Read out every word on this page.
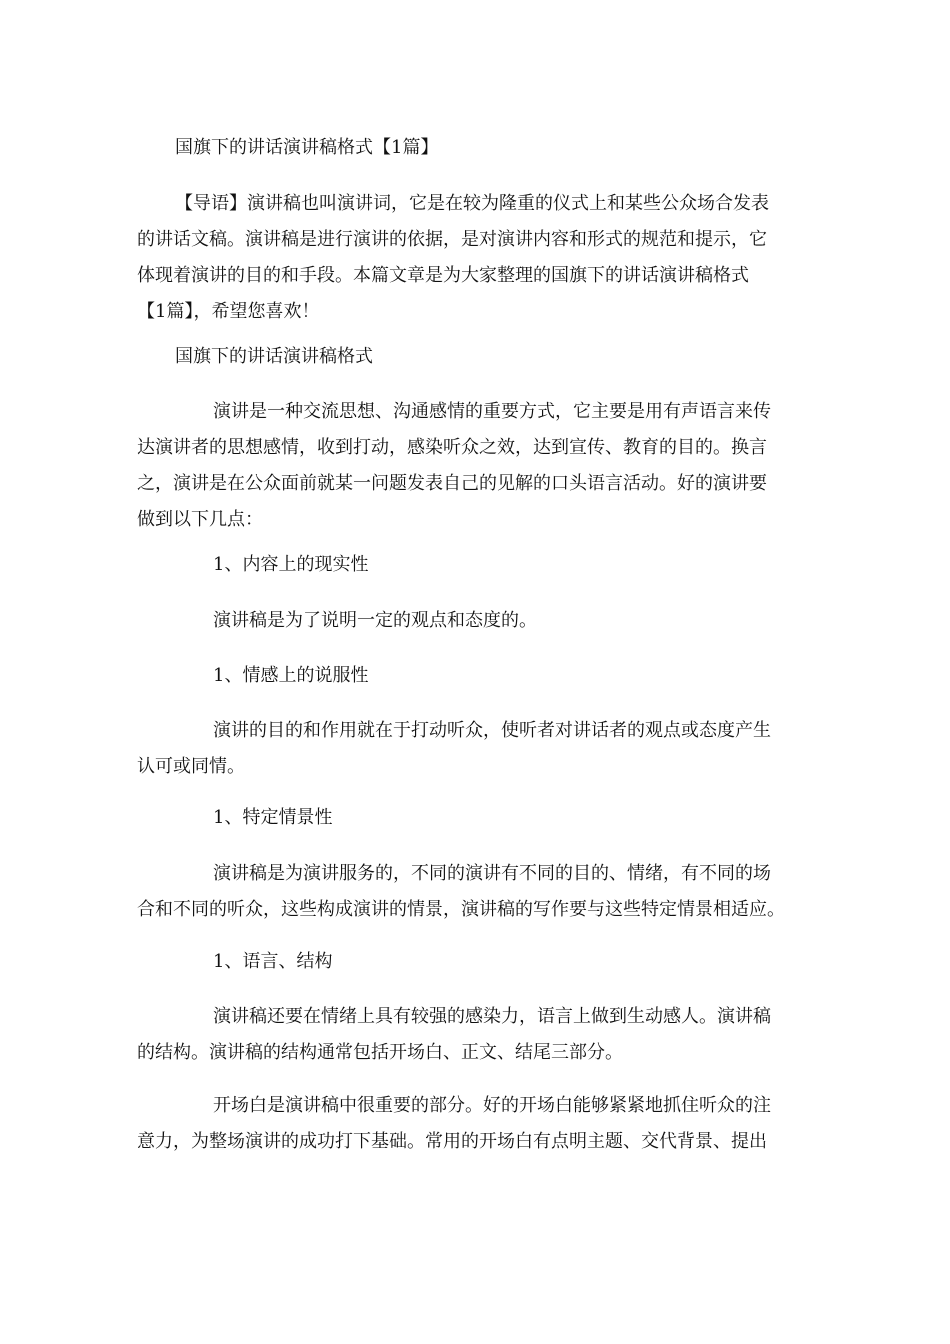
国旗下的讲话演讲稿格式【1篇】

【导语】演讲稿也叫演讲词，它是在较为隆重的仪式上和某些公众场合发表
的讲话文稿。演讲稿是进行演讲的依据，是对演讲内容和形式的规范和提示，它
体现着演讲的目的和手段。本篇文章是为大家整理的国旗下的讲话演讲稿格式
【1篇】，希望您喜欢！

国旗下的讲话演讲稿格式

演讲是一种交流思想、沟通感情的重要方式，它主要是用有声语言来传
达演讲者的思想感情，收到打动，感染听众之效，达到宣传、教育的目的。换言
之，演讲是在公众面前就某一问题发表自己的见解的口头语言活动。好的演讲要
做到以下几点：

1、内容上的现实性

演讲稿是为了说明一定的观点和态度的。

1、情感上的说服性

演讲的目的和作用就在于打动听众，使听者对讲话者的观点或态度产生
认可或同情。

1、特定情景性

演讲稿是为演讲服务的，不同的演讲有不同的目的、情绪，有不同的场
合和不同的听众，这些构成演讲的情景，演讲稿的写作要与这些特定情景相适应。

1、语言、结构

演讲稿还要在情绪上具有较强的感染力，语言上做到生动感人。演讲稿
的结构。演讲稿的结构通常包括开场白、正文、结尾三部分。

开场白是演讲稿中很重要的部分。好的开场白能够紧紧地抓住听众的注
意力，为整场演讲的成功打下基础。常用的开场白有点明主题、交代背景、提出
